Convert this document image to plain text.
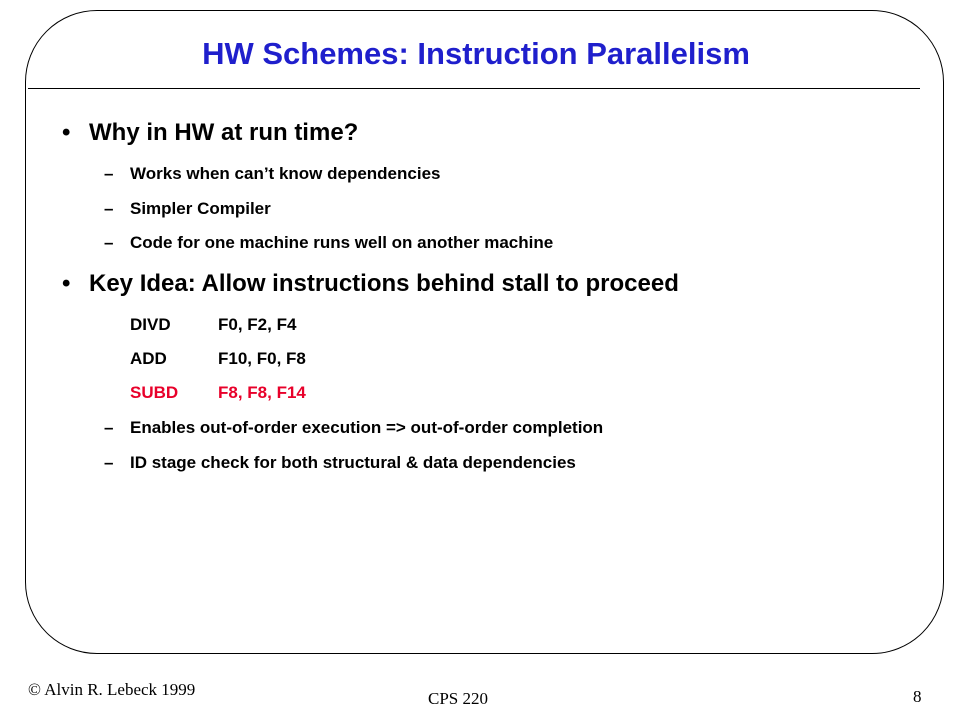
HW Schemes: Instruction Parallelism
• Why in HW at run time?
– Works when can’t know dependencies
– Simpler Compiler
– Code for one machine runs well on another machine
• Key Idea: Allow instructions behind stall to proceed
DIVD	F0, F2, F4
ADD	F10, F0, F8
SUBD F8, F8, F14
– Enables out-of-order execution => out-of-order completion
– ID stage check for both structural & data dependencies
© Alvin R. Lebeck 1999	CPS 220	8
